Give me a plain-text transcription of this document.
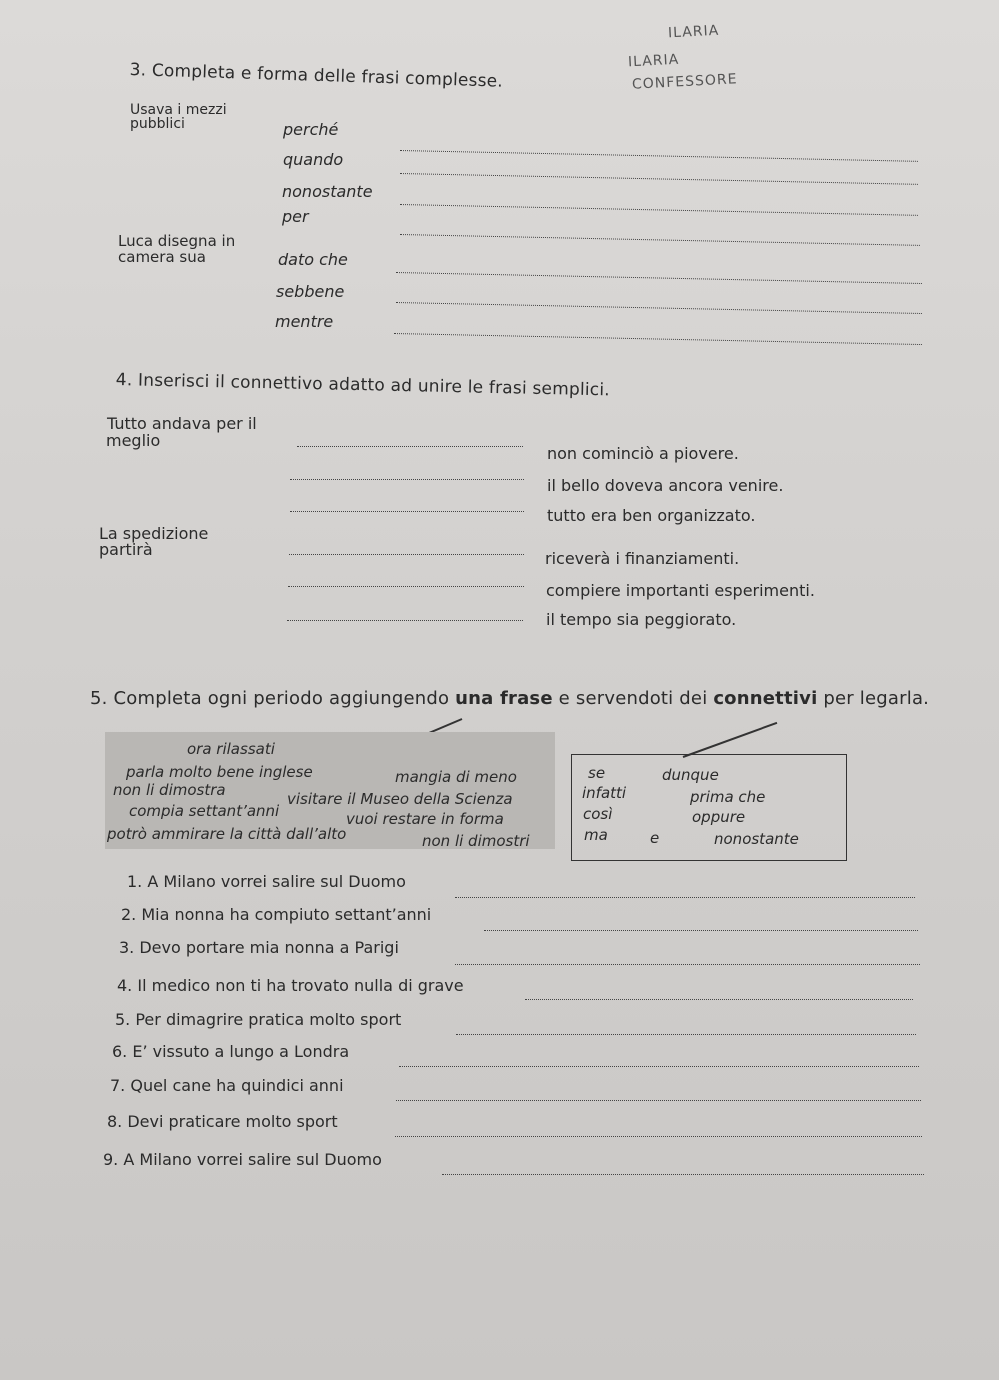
ILARIA
ILARIA
CONFESSORE
3. Completa e forma delle frasi complesse.
Usava i mezzi
pubblici	perché
quando
nonostante
per
Luca disegna in
camera sua	dato che
sebbene
mentre
4. Inserisci il connettivo adatto ad unire le frasi semplici.
Tutto andava per il
meglio
non cominciò a piovere.
il bello doveva ancora venire.
tutto era ben organizzato.
La spedizione
partirà	riceverà i finanziamenti.
compiere importanti esperimenti.
il tempo sia peggiorato.
5. Completa ogni periodo aggiungendo una frase e servendoti dei connettivi per legarla.
ora rilassati
parla molto bene inglese	mangia di meno
non li dimostra	visitare il Museo della Scienza
compia settant’anni	vuoi restare in forma
potrò ammirare la città dall’alto	non li dimostri
se	dunque
infatti	prima che
così	oppure
ma	e	nonostante
1. A Milano vorrei salire sul Duomo
2. Mia nonna ha compiuto settant’anni
3. Devo portare mia nonna a Parigi
4. Il medico non ti ha trovato nulla di grave
5. Per dimagrire pratica molto sport
6. E’ vissuto a lungo a Londra
7. Quel cane ha quindici anni
8. Devi praticare molto sport
9. A Milano vorrei salire sul Duomo
